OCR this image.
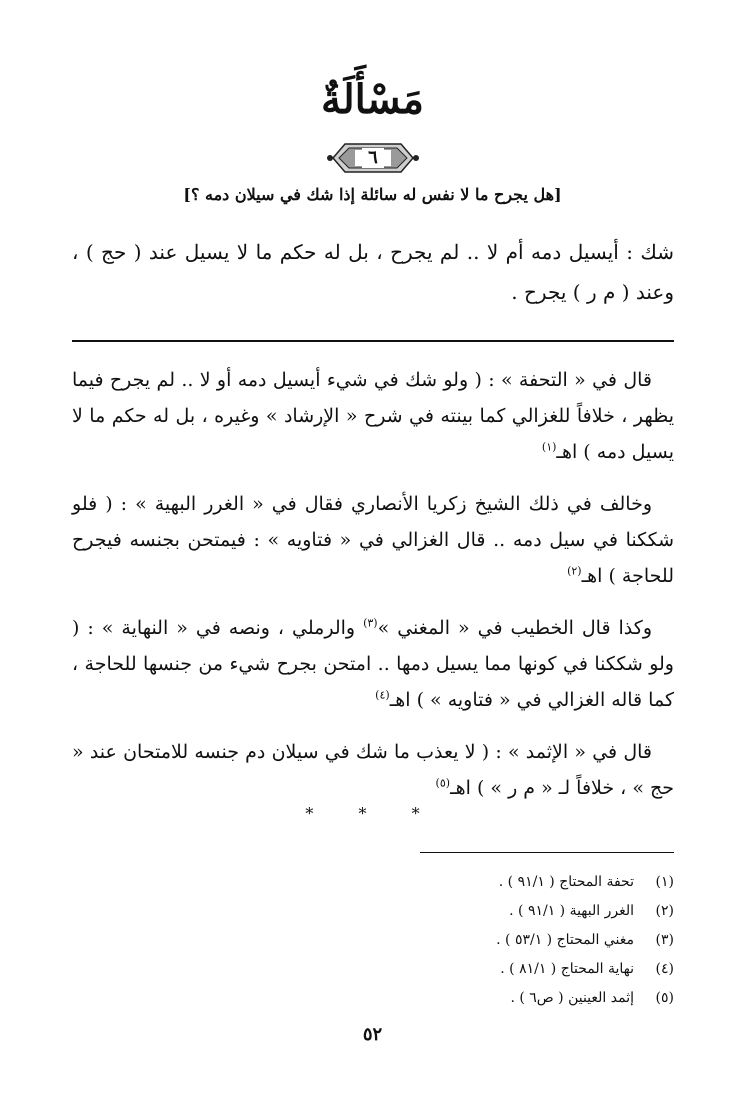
مَسْأَلَةٌ
٦
[هل يجرح ما لا نفس له سائلة إذا شك في سيلان دمه ؟]

شك : أيسيل دمه أم لا .. لم يجرح ، بل له حكم ما لا يسيل عند ( حج ) ، وعند ( م ر ) يجرح .

قال في « التحفة » : ( ولو شك في شيء أيسيل دمه أو لا .. لم يجرح فيما يظهر ، خلافاً للغزالي كما بينته في شرح « الإرشاد » وغيره ، بل له حكم ما لا يسيل دمه ) اهـ$^{(١)}$

وخالف في ذلك الشيخ زكريا الأنصاري فقال في « الغرر البهية » : ( فلو شككنا في سيل دمه .. قال الغزالي في « فتاويه » : فيمتحن بجنسه فيجرح للحاجة ) اهـ$^{(٢)}$

وكذا قال الخطيب في « المغني »$^{(٣)}$ والرملي ، ونصه في « النهاية » : ( ولو شككنا في كونها مما يسيل دمها .. امتحن بجرح شيء من جنسها للحاجة ، كما قاله الغزالي في « فتاويه » ) اهـ$^{(٤)}$

قال في « الإثمد » : ( لا يعذب ما شك في سيلان دم جنسه للامتحان عند « حج » ، خلافاً لـ « م ر » ) اهـ$^{(٥)}$

* * *
(١)
تحفة المحتاج ( ٩١/١ ) .
(٢)
الغرر البهية ( ٩١/١ ) .
(٣)
مغني المحتاج ( ٥٣/١ ) .
(٤)
نهاية المحتاج ( ٨١/١ ) .
(٥)
إثمد العينين ( ص٦ ) .
٥٢
